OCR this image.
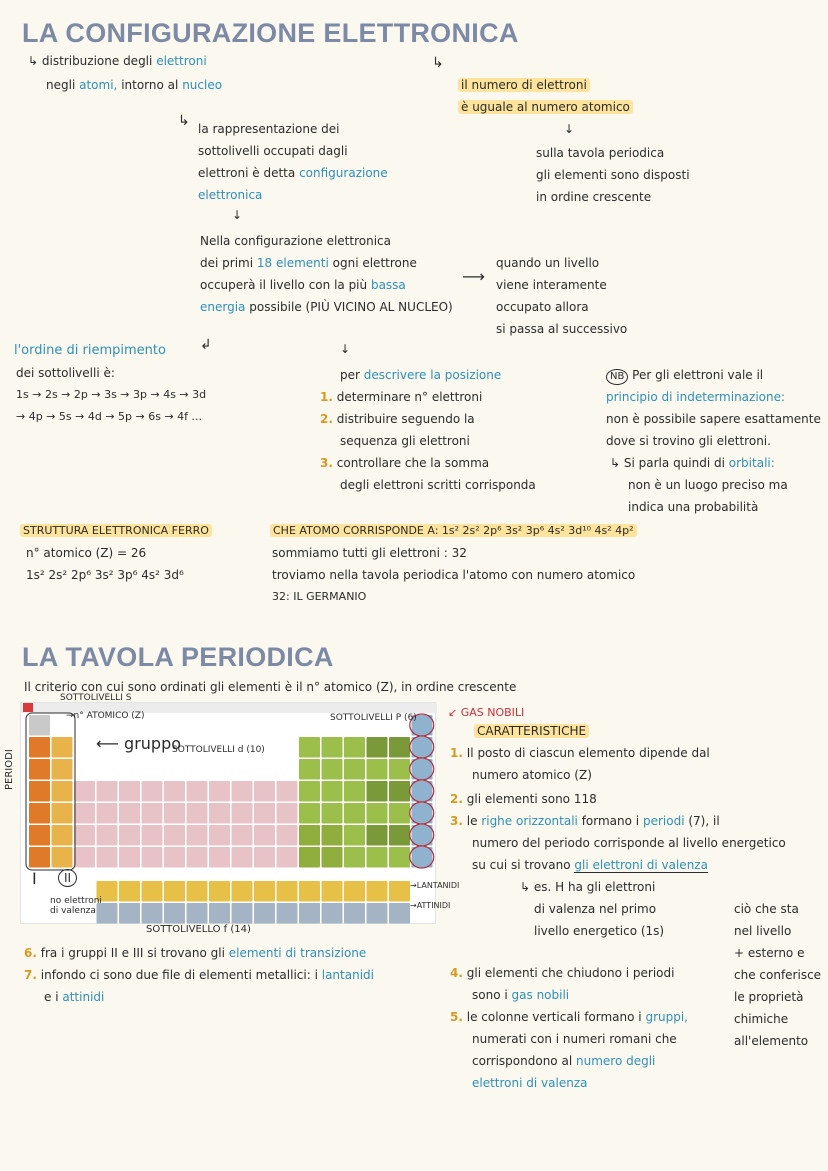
LA CONFIGURAZIONE ELETTRONICA
↳ distribuzione degli elettroni
negli atomi, intorno al nucleo
↳ la rappresentazione dei
sottolivelli occupati dagli
elettroni è detta configurazione
elettronica
↓
↳
il numero di elettroni
è uguale al numero atomico
↓
sulla tavola periodica
gli elementi sono disposti
in ordine crescente
Nella configurazione elettronica
dei primi 18 elementi ogni elettrone
occuperà il livello con la più bassa
energia possibile (PIÙ VICINO AL NUCLEO)
⟶
quando un livello
viene interamente
occupato allora
si passa al successivo
↲	↓
l'ordine di riempimento
dei sottolivelli è:
1s → 2s → 2p → 3s → 3p → 4s → 3d
→ 4p → 5s → 4d → 5p → 6s → 4f ...
per descrivere la posizione
1. determinare n° elettroni
2. distribuire seguendo la
sequenza gli elettroni
3. controllare che la somma
degli elettroni scritti corrisponda
NB Per gli elettroni vale il
principio di indeterminazione:
non è possibile sapere esattamente
dove si trovino gli elettroni.
↳ Si parla quindi di orbitali:
non è un luogo preciso ma
indica una probabilità
STRUTTURA ELETTRONICA FERRO
n° atomico (Z) = 26
1s² 2s² 2p⁶ 3s² 3p⁶ 4s² 3d⁶
CHE ATOMO CORRISPONDE A: 1s² 2s² 2p⁶ 3s² 3p⁶ 4s² 3d¹⁰ 4s² 4p²
sommiamo tutti gli elettroni : 32
troviamo nella tavola periodica l'atomo con numero atomico
32: IL GERMANIO
LA TAVOLA PERIODICA
Il criterio con cui sono ordinati gli elementi è il n° atomico (Z), in ordine crescente
SOTTOLIVELLI S
→n° ATOMICO (Z)	SOTTOLIVELLI P (6)	↙ GAS NOBILI
⟵ gruppo
SOTTOLIVELLI d (10)
PERIODI
I	II
no elettroni di valenza
→LANTANIDI
→ATTINIDI
SOTTOLIVELLO f (14)
CARATTERISTICHE
1. Il posto di ciascun elemento dipende dal
numero atomico (Z)
2. gli elementi sono 118
3. le righe orizzontali formano i periodi (7), il
numero del periodo corrisponde al livello energetico
su cui si trovano gli elettroni di valenza
↳ es. H ha gli elettroni
di valenza nel primo
livello energetico (1s)
ciò che sta
nel livello
+ esterno e
che conferisce
le proprietà
chimiche
all'elemento
4. gli elementi che chiudono i periodi
sono i gas nobili
5. le colonne verticali formano i gruppi,
numerati con i numeri romani che
corrispondono al numero degli
elettroni di valenza
6. fra i gruppi II e III si trovano gli elementi di transizione
7. infondo ci sono due file di elementi metallici: i lantanidi
e i attinidi
